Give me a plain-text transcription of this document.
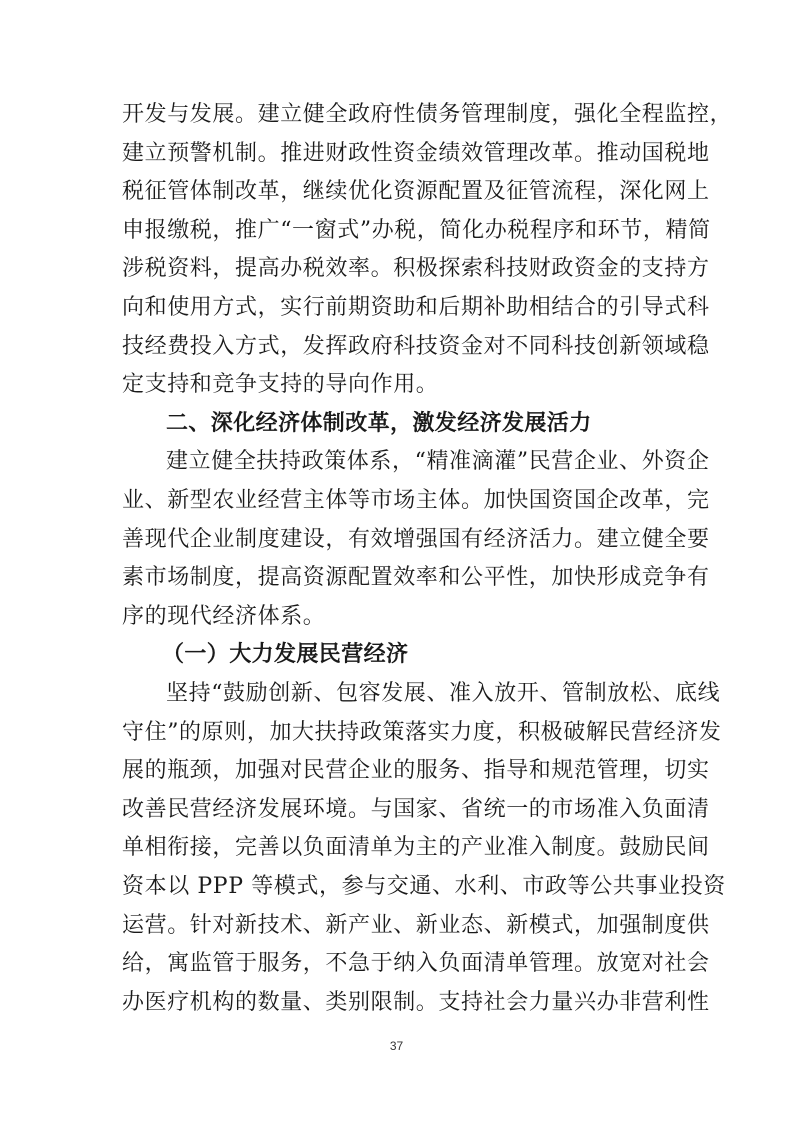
开发与发展。建立健全政府性债务管理制度，强化全程监控，
建立预警机制。推进财政性资金绩效管理改革。推动国税地
税征管体制改革，继续优化资源配置及征管流程，深化网上
申报缴税，推广“一窗式”办税，简化办税程序和环节，精简
涉税资料，提高办税效率。积极探索科技财政资金的支持方
向和使用方式，实行前期资助和后期补助相结合的引导式科
技经费投入方式，发挥政府科技资金对不同科技创新领域稳
定支持和竞争支持的导向作用。
二、深化经济体制改革，激发经济发展活力
建立健全扶持政策体系，“精准滴灌”民营企业、外资企
业、新型农业经营主体等市场主体。加快国资国企改革，完
善现代企业制度建设，有效增强国有经济活力。建立健全要
素市场制度，提高资源配置效率和公平性，加快形成竞争有
序的现代经济体系。
（一）大力发展民营经济
坚持“鼓励创新、包容发展、准入放开、管制放松、底线
守住”的原则，加大扶持政策落实力度，积极破解民营经济发
展的瓶颈，加强对民营企业的服务、指导和规范管理，切实
改善民营经济发展环境。与国家、省统一的市场准入负面清
单相衔接，完善以负面清单为主的产业准入制度。鼓励民间
资本以 PPP 等模式，参与交通、水利、市政等公共事业投资
运营。针对新技术、新产业、新业态、新模式，加强制度供
给，寓监管于服务，不急于纳入负面清单管理。放宽对社会
办医疗机构的数量、类别限制。支持社会力量兴办非营利性
37
